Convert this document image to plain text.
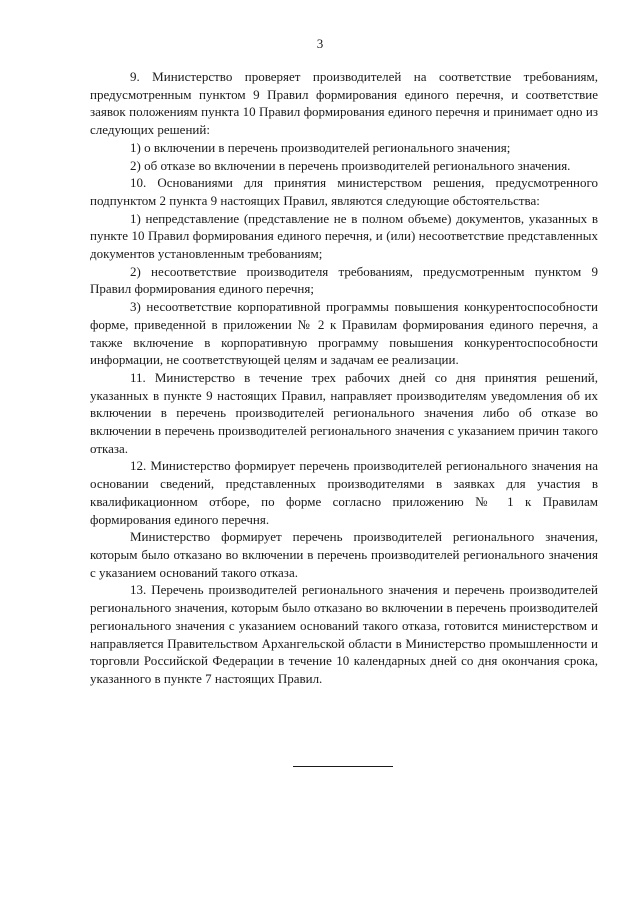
3

9. Министерство проверяет производителей на соответствие требованиям, предусмотренным пунктом 9 Правил формирования единого перечня, и соответствие заявок положениям пункта 10 Правил формирования единого перечня и принимает одно из следующих решений:

1) о включении в перечень производителей регионального значения;

2) об отказе во включении в перечень производителей регионального значения.

10. Основаниями для принятия министерством решения, предусмотренного подпунктом 2 пункта 9 настоящих Правил, являются следующие обстоятельства:

1) непредставление (представление не в полном объеме) документов, указанных в пункте 10 Правил формирования единого перечня, и (или) несоответствие представленных документов установленным требованиям;

2) несоответствие производителя требованиям, предусмотренным пунктом 9 Правил формирования единого перечня;

3) несоответствие корпоративной программы повышения конкурентоспособности форме, приведенной в приложении № 2 к Правилам формирования единого перечня, а также включение в корпоративную программу повышения конкурентоспособности информации, не соответствующей целям и задачам ее реализации.

11. Министерство в течение трех рабочих дней со дня принятия решений, указанных в пункте 9 настоящих Правил, направляет производителям уведомления об их включении в перечень производителей регионального значения либо об отказе во включении в перечень производителей регионального значения с указанием причин такого отказа.

12. Министерство формирует перечень производителей регионального значения на основании сведений, представленных производителями в заявках для участия в квалификационном отборе, по форме согласно приложению № 1 к Правилам формирования единого перечня.

Министерство формирует перечень производителей регионального значения, которым было отказано во включении в перечень производителей регионального значения с указанием оснований такого отказа.

13. Перечень производителей регионального значения и перечень производителей регионального значения, которым было отказано во включении в перечень производителей регионального значения с указанием оснований такого отказа, готовится министерством и направляется Правительством Архангельской области в Министерство промышленности и торговли Российской Федерации в течение 10 календарных дней со дня окончания срока, указанного в пункте 7 настоящих Правил.
